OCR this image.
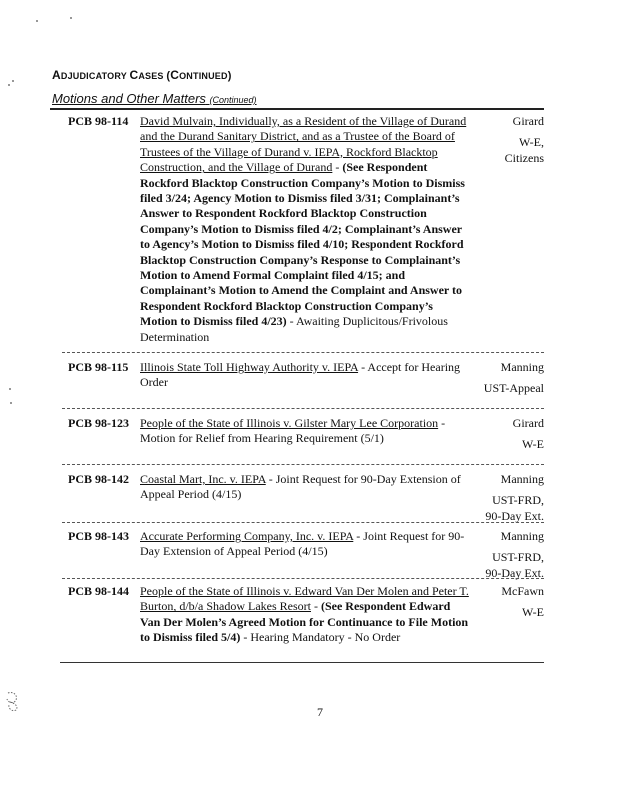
ADJUDICATORY CASES (CONTINUED)
Motions and Other Matters (Continued)
PCB 98-114 David Mulvain, Individually, as a Resident of the Village of Durand and the Durand Sanitary District, and as a Trustee of the Board of Trustees of the Village of Durand v. IEPA, Rockford Blacktop Construction, and the Village of Durand - (See Respondent Rockford Blacktop Construction Company’s Motion to Dismiss filed 3/24; Agency Motion to Dismiss filed 3/31; Complainant’s Answer to Respondent Rockford Blacktop Construction Company’s Motion to Dismiss filed 4/2; Complainant’s Answer to Agency’s Motion to Dismiss filed 4/10; Respondent Rockford Blacktop Construction Company’s Response to Complainant’s Motion to Amend Formal Complaint filed 4/15; and Complainant’s Motion to Amend the Complaint and Answer to Respondent Rockford Blacktop Construction Company’s Motion to Dismiss filed 4/23) - Awaiting Duplicitous/Frivolous Determination
Girard
W-E,
Citizens
PCB 98-115 Illinois State Toll Highway Authority v. IEPA - Accept for Hearing Order
Manning
UST-Appeal
PCB 98-123 People of the State of Illinois v. Gilster Mary Lee Corporation - Motion for Relief from Hearing Requirement (5/1)
Girard
W-E
PCB 98-142 Coastal Mart, Inc. v. IEPA - Joint Request for 90-Day Extension of Appeal Period (4/15)
Manning
UST-FRD,
90-Day Ext.
PCB 98-143 Accurate Performing Company, Inc. v. IEPA - Joint Request for 90-Day Extension of Appeal Period (4/15)
Manning
UST-FRD,
90-Day Ext.
PCB 98-144 People of the State of Illinois v. Edward Van Der Molen and Peter T. Burton, d/b/a Shadow Lakes Resort - (See Respondent Edward Van Der Molen’s Agreed Motion for Continuance to File Motion to Dismiss filed 5/4) - Hearing Mandatory - No Order
McFawn
W-E
7
